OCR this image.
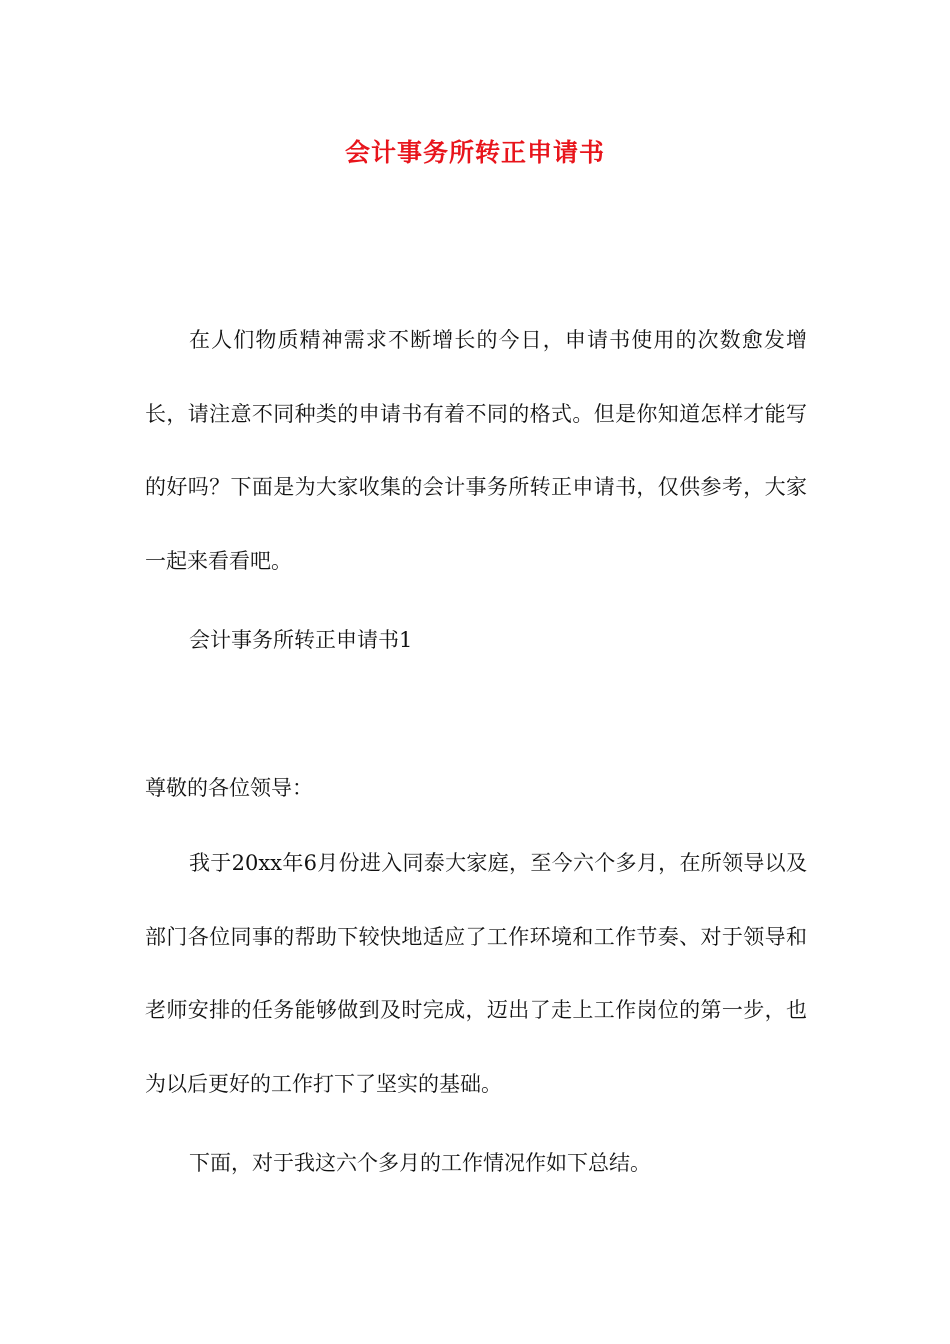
会计事务所转正申请书

在人们物质精神需求不断增长的今日，申请书使用的次数愈发增长，请注意不同种类的申请书有着不同的格式。但是你知道怎样才能写的好吗？下面是为大家收集的会计事务所转正申请书，仅供参考，大家一起来看看吧。

会计事务所转正申请书1

尊敬的各位领导：

我于20xx年6月份进入同泰大家庭，至今六个多月，在所领导以及部门各位同事的帮助下较快地适应了工作环境和工作节奏、对于领导和老师安排的任务能够做到及时完成，迈出了走上工作岗位的第一步，也为以后更好的工作打下了坚实的基础。

下面，对于我这六个多月的工作情况作如下总结。
